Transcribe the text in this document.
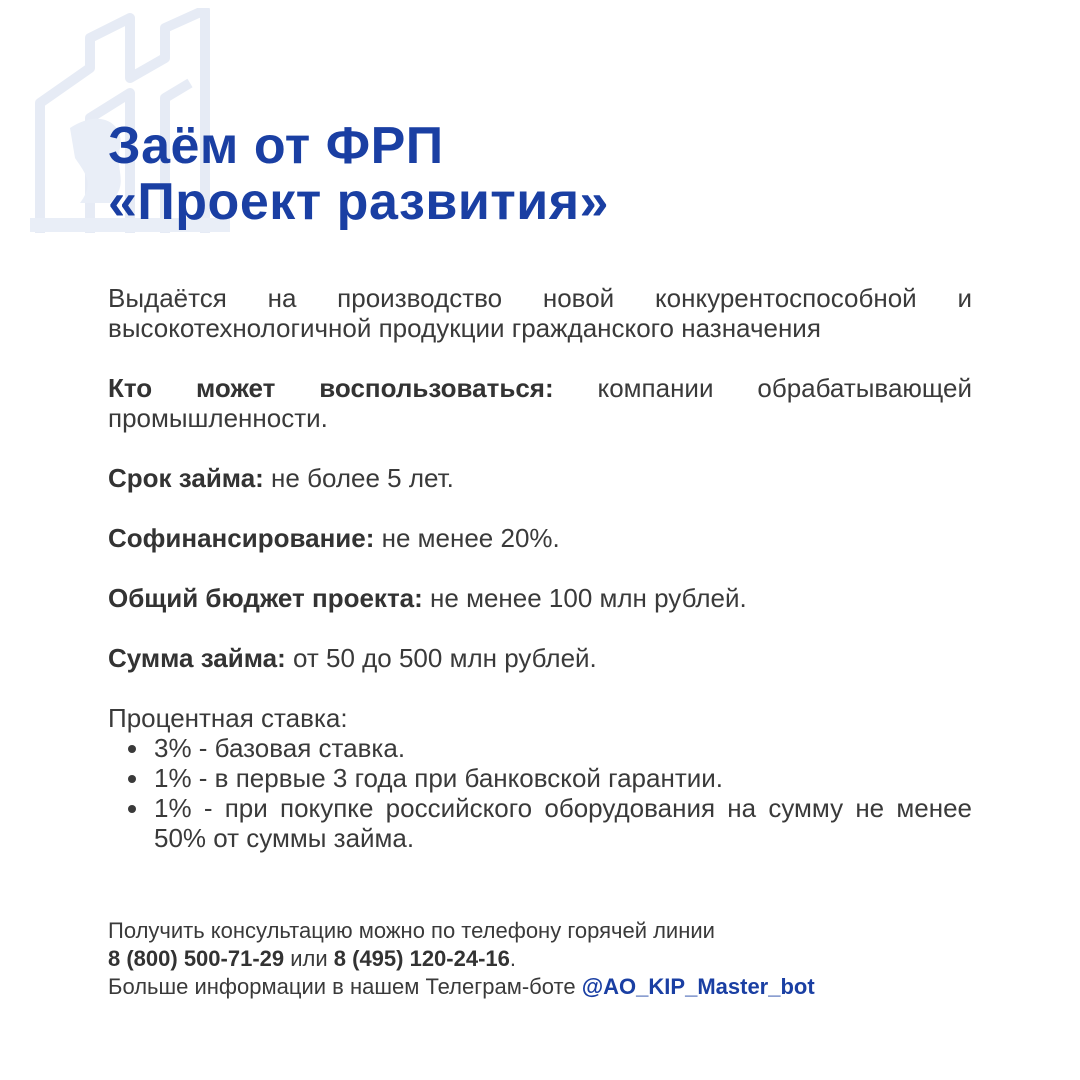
Заём от ФРП
«Проект развития»

Выдаётся на производство новой конкурентоспособной и высокотехнологичной продукции гражданского назначения

Кто может воспользоваться: компании обрабатывающей промышленности.

Срок займа: не более 5 лет.

Софинансирование: не менее 20%.

Общий бюджет проекта: не менее 100 млн рублей.

Сумма займа: от 50 до 500 млн рублей.

Процентная ставка:

3% - базовая ставка.
1% - в первые 3 года при банковской гарантии.
1% - при покупке российского оборудования на сумму не менее 50% от суммы займа.

Получить консультацию можно по телефону горячей линии

8 (800) 500-71-29 или 8 (495) 120-24-16.

Больше информации в нашем Телеграм-боте @AO_KIP_Master_bot
